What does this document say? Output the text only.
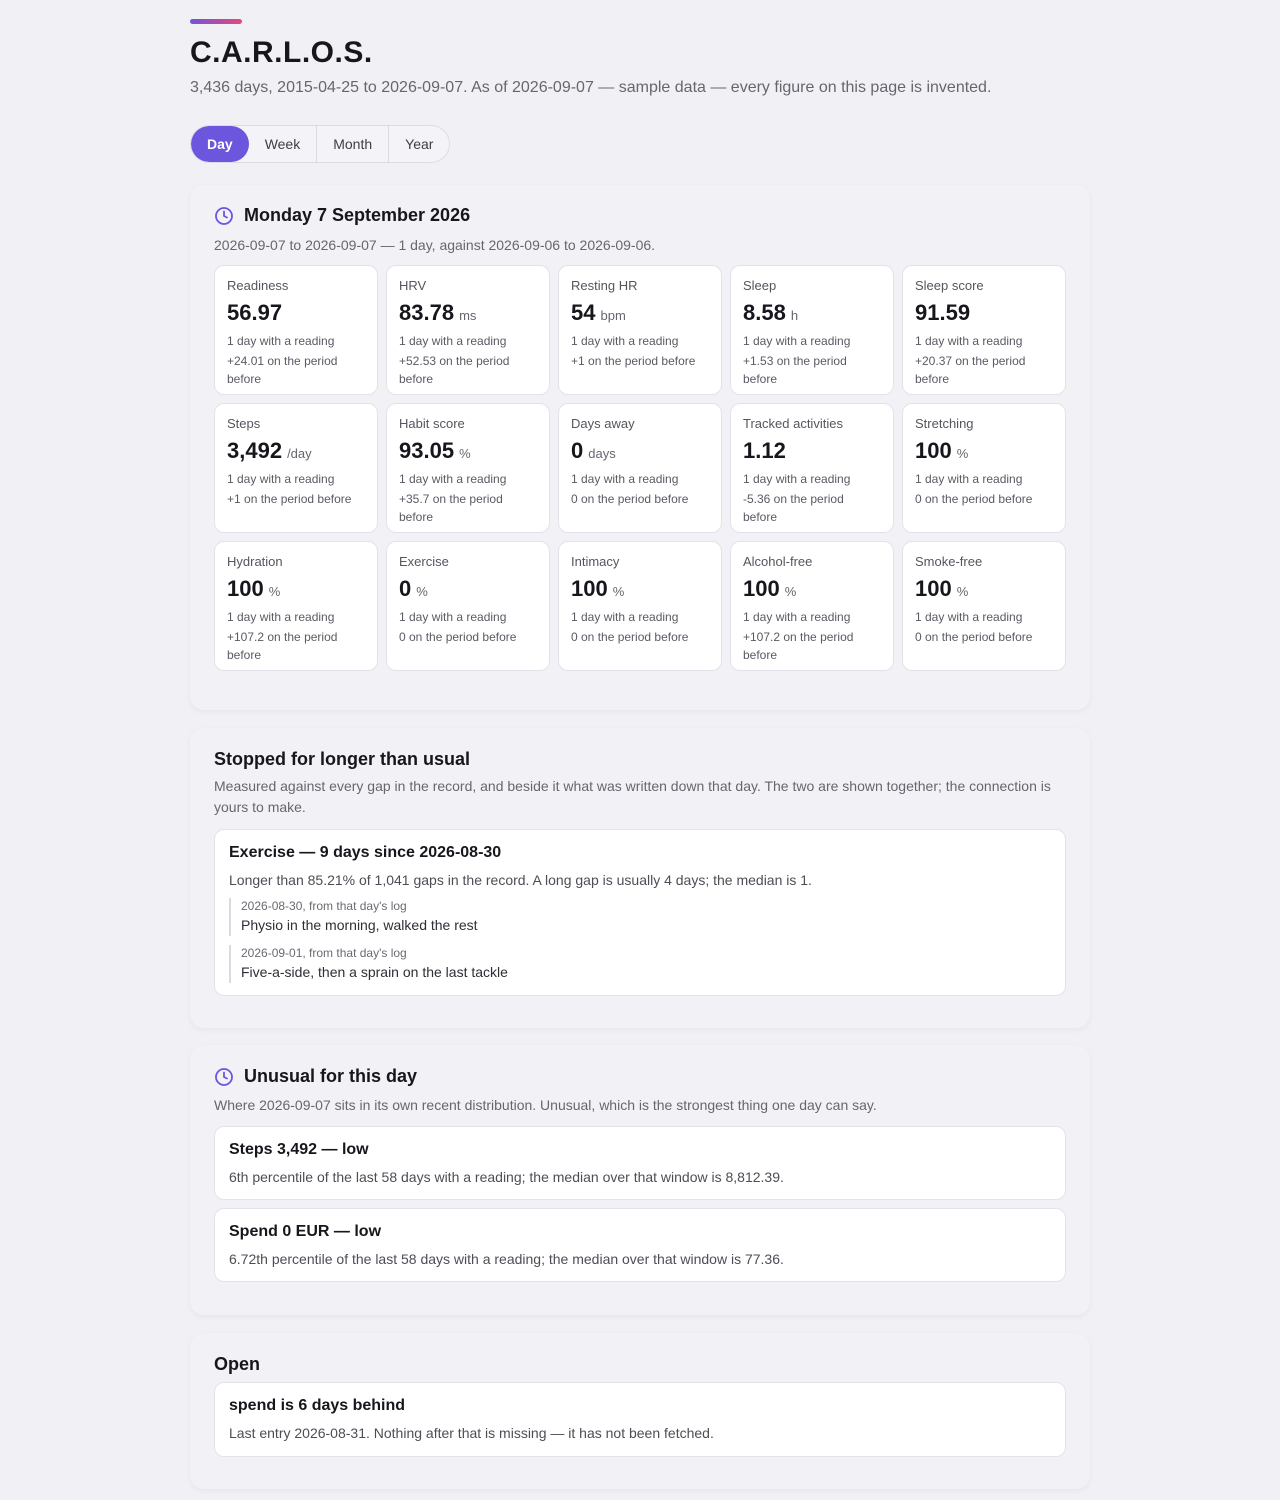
C.A.R.L.O.S.

3,436 days, 2015-04-25 to 2026-09-07. As of 2026-09-07 — sample data — every figure on this page is invented.

Day	Week	Month	Year
Monday 7 September 2026

2026-09-07 to 2026-09-07 — 1 day, against 2026-09-06 to 2026-09-06.

Readiness
56.97
1 day with a reading
+24.01 on the period before
HRV
83.78 ms
1 day with a reading
+52.53 on the period before
Resting HR
54 bpm
1 day with a reading
+1 on the period before
Sleep
8.58 h
1 day with a reading
+1.53 on the period before
Sleep score
91.59
1 day with a reading
+20.37 on the period before
Steps
3,492 /day
1 day with a reading
+1 on the period before
Habit score
93.05 %
1 day with a reading
+35.7 on the period before
Days away
0 days
1 day with a reading
0 on the period before
Tracked activities
1.12
1 day with a reading
-5.36 on the period before
Stretching
100 %
1 day with a reading
0 on the period before
Hydration
100 %
1 day with a reading
+107.2 on the period before
Exercise
0 %
1 day with a reading
0 on the period before
Intimacy
100 %
1 day with a reading
0 on the period before
Alcohol-free
100 %
1 day with a reading
+107.2 on the period before
Smoke-free
100 %
1 day with a reading
0 on the period before
Stopped for longer than usual

Measured against every gap in the record, and beside it what was written down that day. The two are shown together; the connection is yours to make.

Exercise — 9 days since 2026-08-30

Longer than 85.21% of 1,041 gaps in the record. A long gap is usually 4 days; the median is 1.

2026-08-30, from that day's log
Physio in the morning, walked the rest
2026-09-01, from that day's log
Five-a-side, then a sprain on the last tackle
Unusual for this day

Where 2026-09-07 sits in its own recent distribution. Unusual, which is the strongest thing one day can say.

Steps 3,492 — low

6th percentile of the last 58 days with a reading; the median over that window is 8,812.39.

Spend 0 EUR — low

6.72th percentile of the last 58 days with a reading; the median over that window is 77.36.

Open
spend is 6 days behind

Last entry 2026-08-31. Nothing after that is missing — it has not been fetched.
